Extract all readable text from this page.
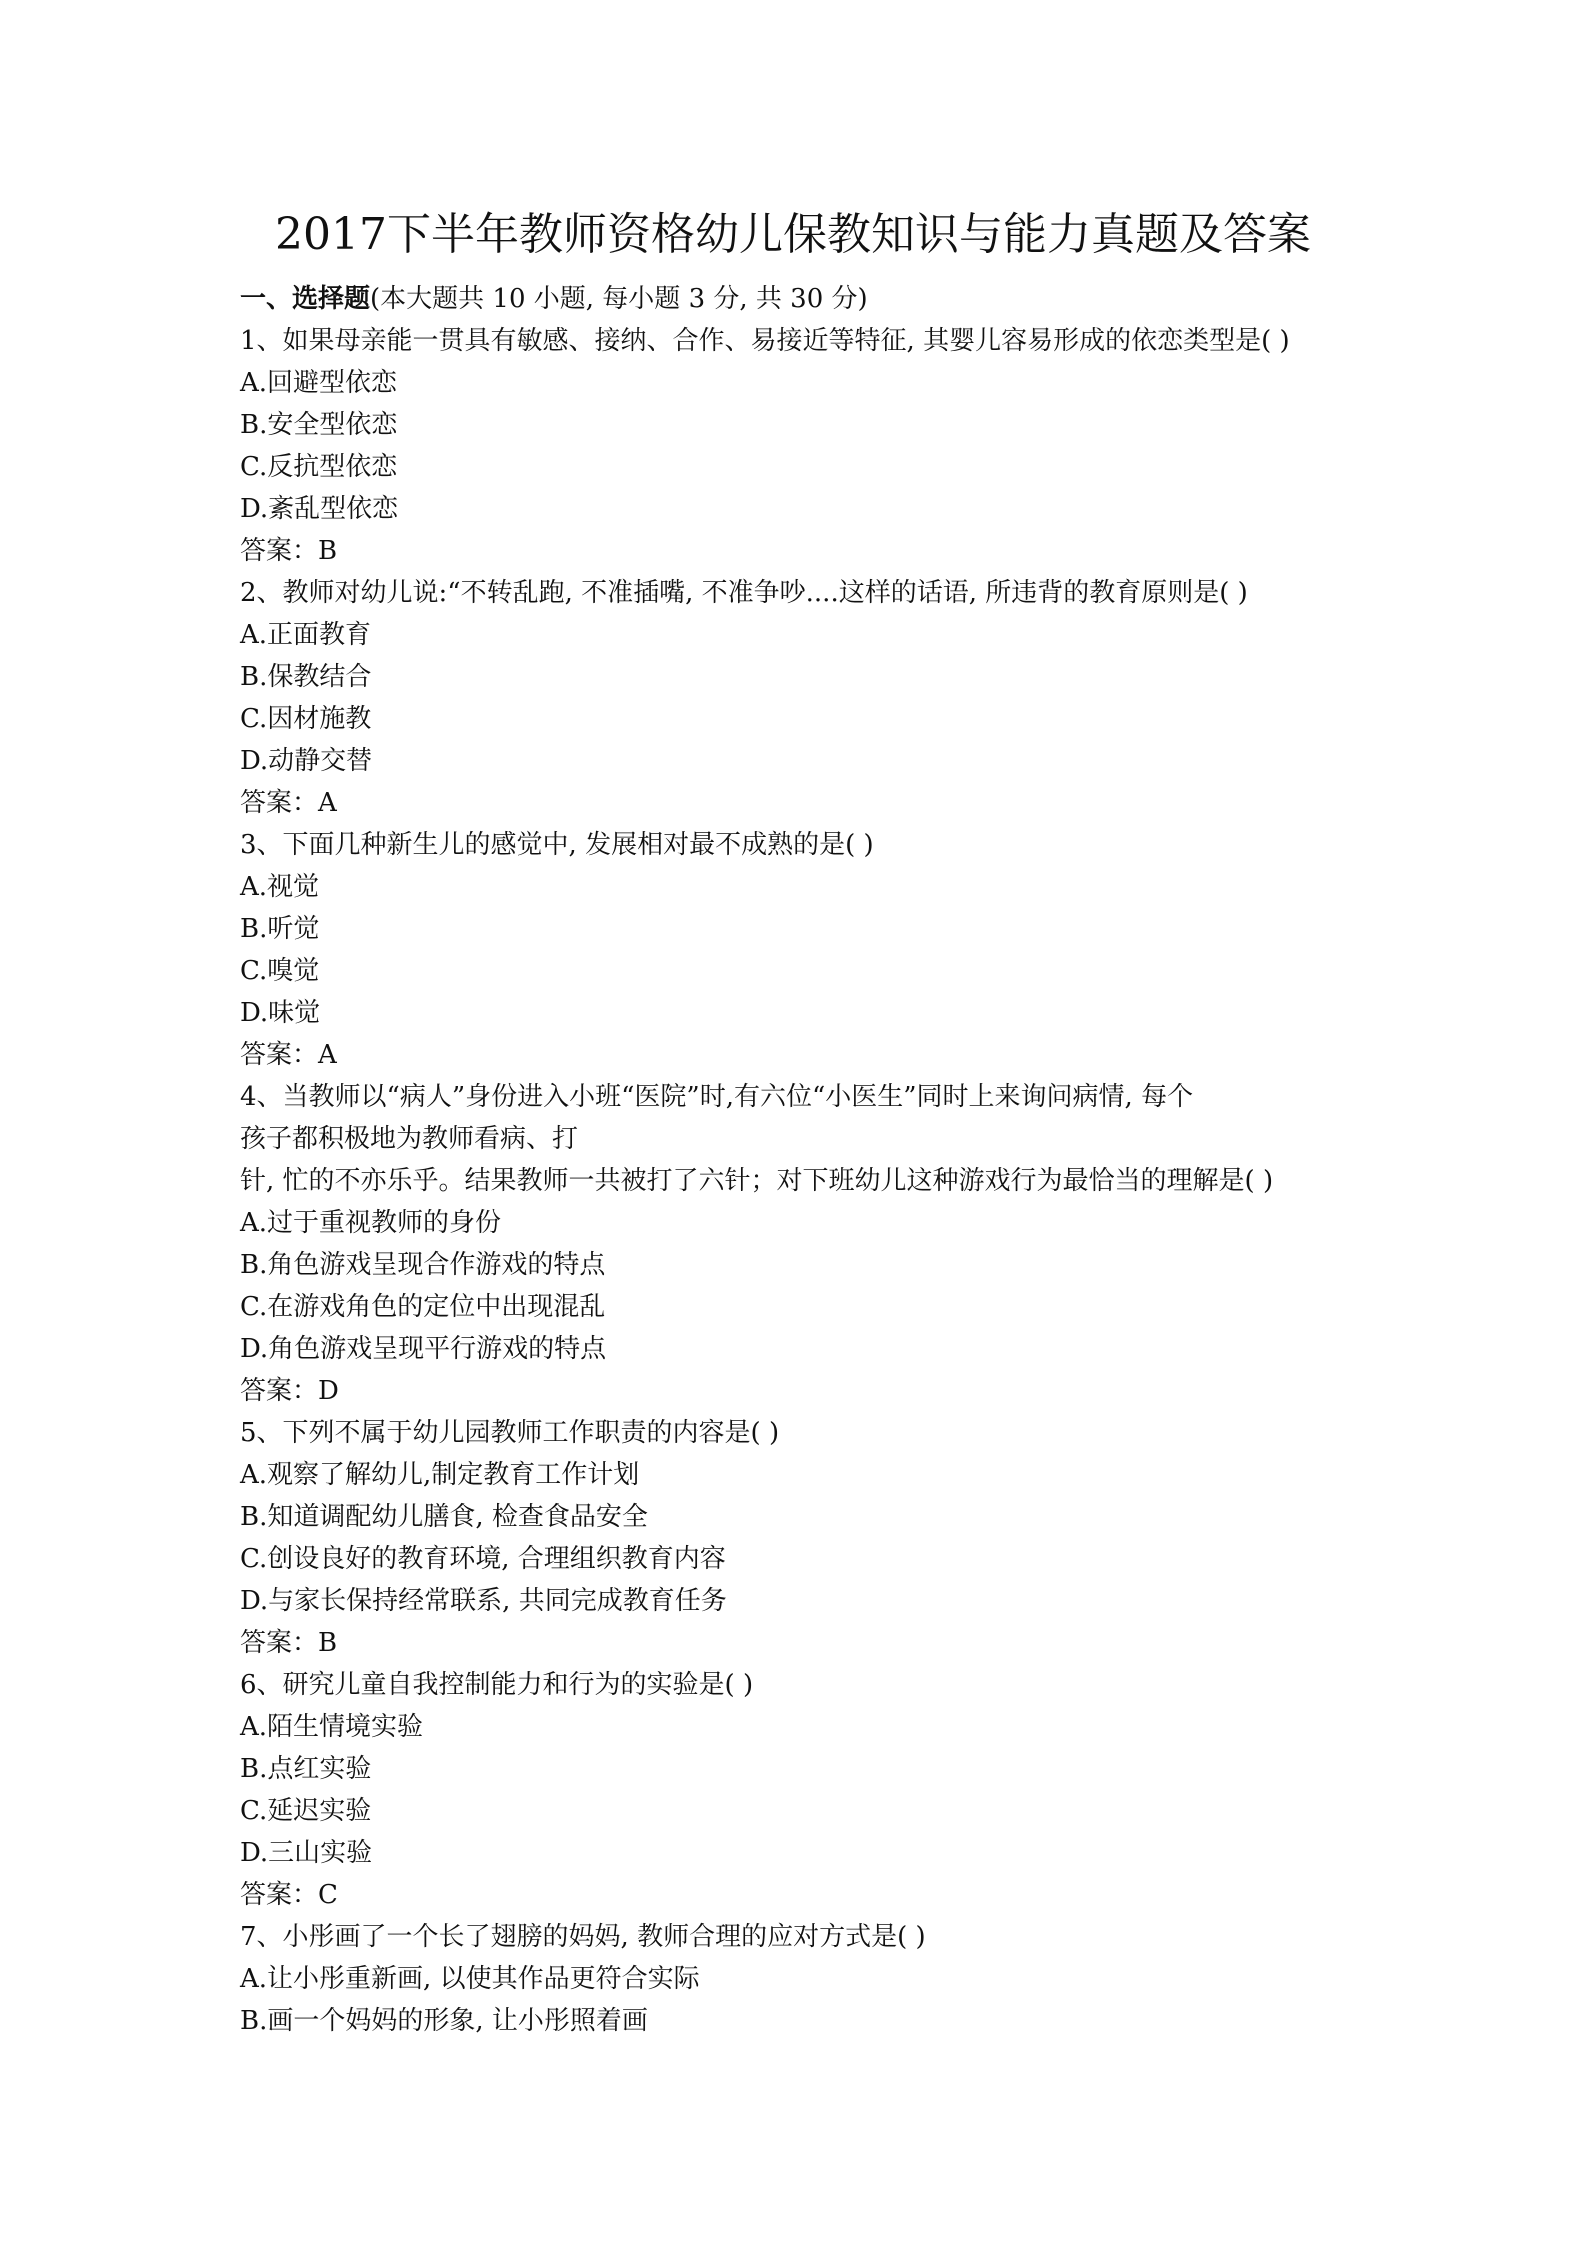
2017下半年教师资格幼儿保教知识与能力真题及答案
一、选择题(本大题共 10 小题, 每小题 3 分, 共 30 分)
1、如果母亲能一贯具有敏感、接纳、合作、易接近等特征, 其婴儿容易形成的依恋类型是( )
A.回避型依恋
B.安全型依恋
C.反抗型依恋
D.紊乱型依恋
答案：B
2、教师对幼儿说:“不转乱跑, 不准插嘴, 不准争吵....这样的话语, 所违背的教育原则是( )
A.正面教育
B.保教结合
C.因材施教
D.动静交替
答案：A
3、下面几种新生儿的感觉中, 发展相对最不成熟的是( )
A.视觉
B.听觉
C.嗅觉
D.味觉
答案：A
4、当教师以“病人”身份进入小班“医院”时,有六位“小医生”同时上来询问病情, 每个
孩子都积极地为教师看病、打
针, 忙的不亦乐乎。结果教师一共被打了六针；对下班幼儿这种游戏行为最恰当的理解是( )
A.过于重视教师的身份
B.角色游戏呈现合作游戏的特点
C.在游戏角色的定位中出现混乱
D.角色游戏呈现平行游戏的特点
答案：D
5、下列不属于幼儿园教师工作职责的内容是( )
A.观察了解幼儿,制定教育工作计划
B.知道调配幼儿膳食, 检查食品安全
C.创设良好的教育环境, 合理组织教育内容
D.与家长保持经常联系, 共同完成教育任务
答案：B
6、研究儿童自我控制能力和行为的实验是( )
A.陌生情境实验
B.点红实验
C.延迟实验
D.三山实验
答案：C
7、小彤画了一个长了翅膀的妈妈, 教师合理的应对方式是( )
A.让小彤重新画, 以使其作品更符合实际
B.画一个妈妈的形象, 让小彤照着画
